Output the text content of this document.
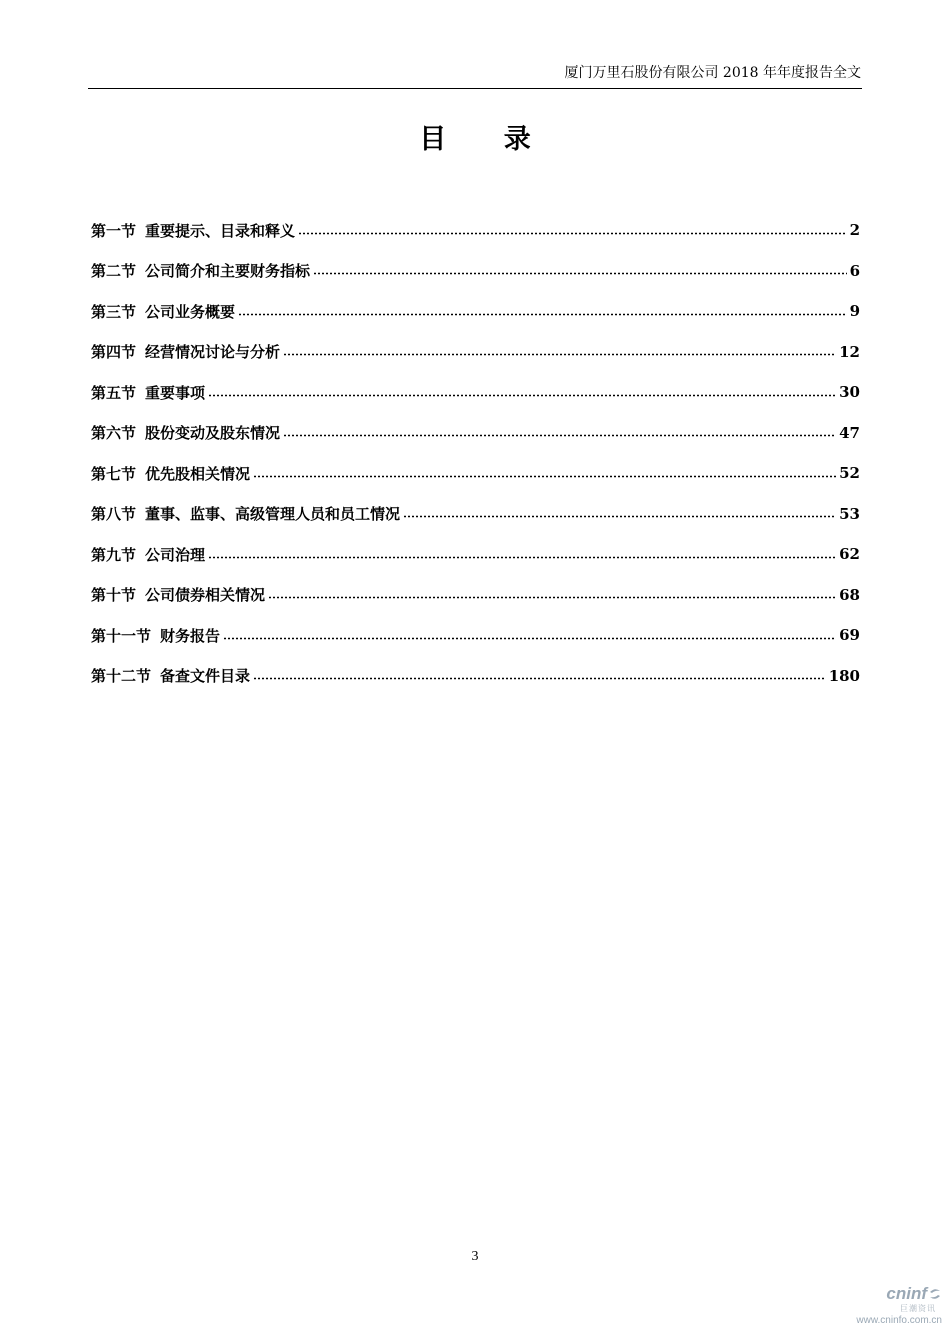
厦门万里石股份有限公司 2018 年年度报告全文
目 录
第一节 重要提示、目录和释义	2
第二节 公司简介和主要财务指标	6
第三节 公司业务概要	9
第四节 经营情况讨论与分析	12
第五节 重要事项	30
第六节 股份变动及股东情况	47
第七节 优先股相关情况	52
第八节 董事、监事、高级管理人员和员工情况	53
第九节 公司治理	62
第十节 公司债券相关情况	68
第十一节 财务报告	69
第十二节 备查文件目录	180
3
cninf
巨潮资讯
www.cninfo.com.cn
